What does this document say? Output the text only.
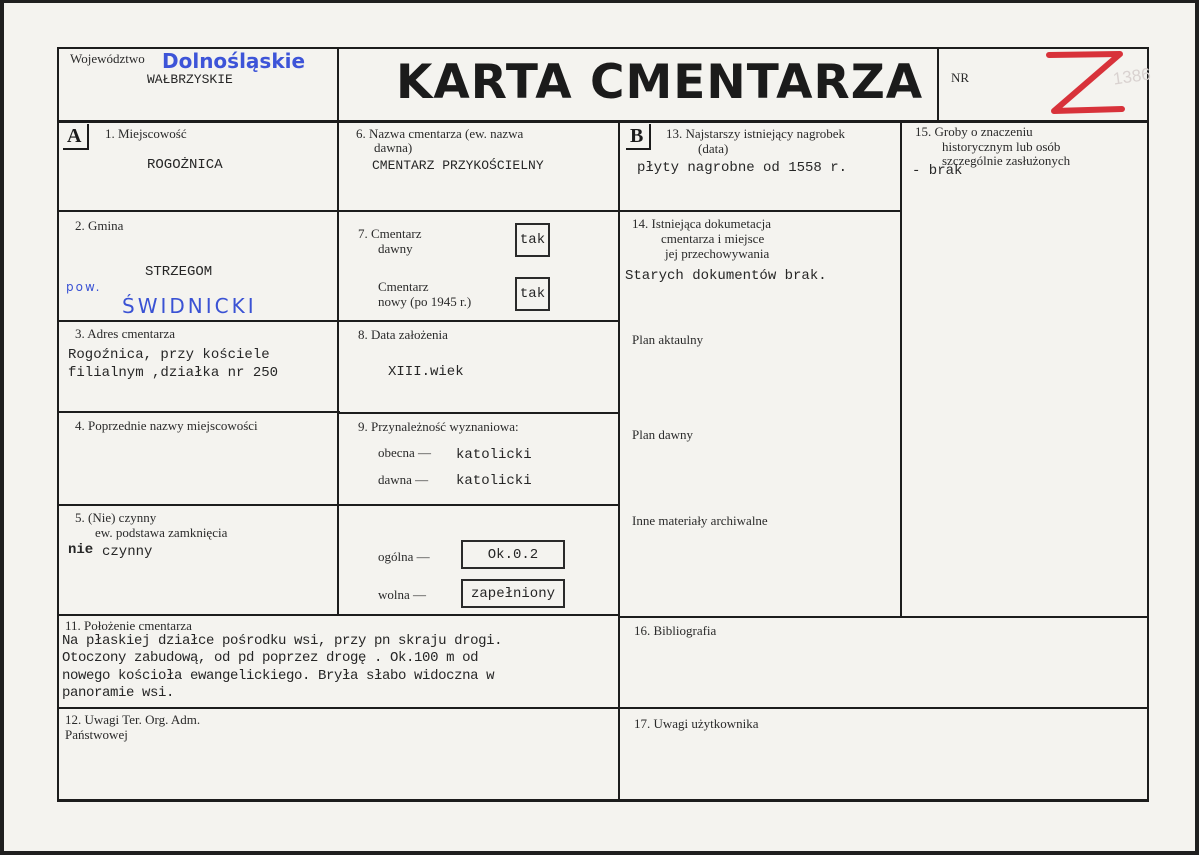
Województwo Dolnośląskie
WAŁBRZYSKIE	KARTA CMENTARZA NR	1386
A	B
1. Miejscowość
ROGOŻNICA
2. Gmina
STRZEGOM
pow.
ŚWIDNICKI
3. Adres cmentarza
Rogoźnica, przy kościele
filialnym ,działka nr 250
4. Poprzednie nazwy miejscowości
5. (Nie) czynny
ew. podstawa zamknięcia
nie czynny
6. Nazwa cmentarza (ew. nazwa
dawna)
CMENTARZ PRZYKOŚCIELNY
7. Cmentarz
dawny
tak
Cmentarz
nowy (po 1945 r.)	tak
8. Data założenia
XIII.wiek
9. Przynależność wyznaniowa:
obecna — katolicki
dawna — katolicki
ogólna —	Ok.0.2
wolna —	zapełniony
11. Położenie cmentarza
Na płaskiej działce pośrodku wsi, przy pn skraju drogi.
Otoczony zabudową, od pd poprzez drogę . Ok.100 m od
nowego kościoła ewangelickiego. Bryła słabo widoczna w
panoramie wsi.
12. Uwagi Ter. Org. Adm.
Państwowej
13. Najstarszy istniejący nagrobek
(data)
płyty nagrobne od 1558 r.
14. Istniejąca dokumetacja
cmentarza i miejsce
jej przechowywania
Starych dokumentów brak.
Plan aktaulny
Plan dawny
Inne materiały archiwalne
15. Groby o znaczeniu
historycznym lub osób
szczególnie zasłużonych
- brak
16. Bibliografia
17. Uwagi użytkownika
